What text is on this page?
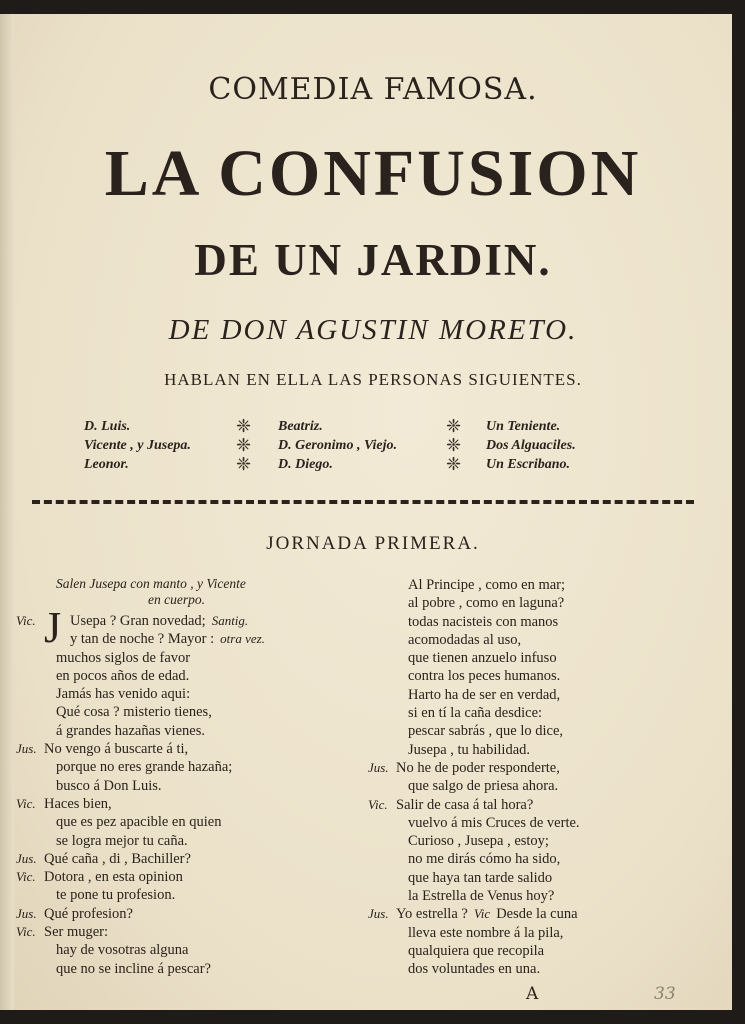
COMEDIA FAMOSA.
LA CONFUSION
DE UN JARDIN.
DE DON AGUSTIN MORETO.
HABLAN EN ELLA LAS PERSONAS SIGUIENTES.
D. Luis.
Vicente , y Jusepa.
Leonor.
❈
❈
❈
Beatriz.
D. Geronimo , Viejo.
D. Diego.
❈
❈
❈
Un Teniente.
Dos Alguaciles.
Un Escribano.
JORNADA PRIMERA.
Salen Jusepa con manto , y Vicente
en cuerpo.
J
Vic. Usepa ? Gran novedad; Santig.
y tan de noche ? Mayor : otra vez.
muchos siglos de favor
en pocos años de edad.
Jamás has venido aqui:
Qué cosa ? misterio tienes,
á grandes hazañas vienes.
Jus. No vengo á buscarte á ti,
porque no eres grande hazaña;
busco á Don Luis.
Vic. Haces bien,
que es pez apacible en quien
se logra mejor tu caña.
Jus. Qué caña , di , Bachiller?
Vic. Dotora , en esta opinion
te pone tu profesion.
Jus. Qué profesion?
Vic. Ser muger:
hay de vosotras alguna
que no se incline á pescar?
Al Principe , como en mar;
al pobre , como en laguna?
todas nacisteis con manos
acomodadas al uso,
que tienen anzuelo infuso
contra los peces humanos.
Harto ha de ser en verdad,
si en tí la caña desdice:
pescar sabrás , que lo dice,
Jusepa , tu habilidad.
Jus. No he de poder responderte,
que salgo de priesa ahora.
Vic. Salir de casa á tal hora?
vuelvo á mis Cruces de verte.
Curioso , Jusepa , estoy;
no me dirás cómo ha sido,
que haya tan tarde salido
la Estrella de Venus hoy?
Jus. Yo estrella ? Vic Desde la cuna
lleva este nombre á la pila,
qualquiera que recopila
dos voluntades en una.
A	33
